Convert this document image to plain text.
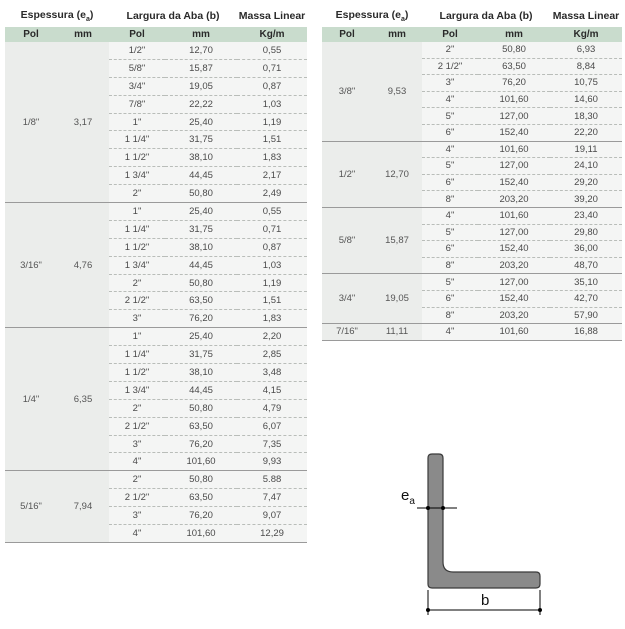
Espessura $(e_a)$		Largura da Aba (b)		Massa Linear
Pol	mm	Pol	mm	Kg/m
1/8"	3,17	1/2"	12,70	0,55
		5/8"	15,87	0,71
		3/4"	19,05	0,87
		7/8"	22,22	1,03
		1"	25,40	1,19
		1 1/4"	31,75	1,51
		1 1/2"	38,10	1,83
		1 3/4"	44,45	2,17
		2"	50,80	2,49
3/16"	4,76	1"	25,40	0,55
		1 1/4"	31,75	0,71
		1 1/2"	38,10	0,87
		1 3/4"	44,45	1,03
		2"	50,80	1,19
		2 1/2"	63,50	1,51
		3"	76,20	1,83
1/4"	6,35	1"	25,40	2,20
		1 1/4"	31,75	2,85
		1 1/2"	38,10	3,48
		1 3/4"	44,45	4,15
		2"	50,80	4,79
		2 1/2"	63,50	6,07
		3"	76,20	7,35
		4"	101,60	9,93
5/16"	7,94	2"	50,80	5.88
		2 1/2"	63,50	7,47
		3"	76,20	9,07
		4"	101,60	12,29
Espessura $(e_a)$		Largura da Aba (b)		Massa Linear
Pol	mm	Pol	mm	Kg/m
3/8"	9,53	2"	50,80	6,93
		2 1/2"	63,50	8,84
		3"	76,20	10,75
		4"	101,60	14,60
		5"	127,00	18,30
		6"	152,40	22,20
1/2"	12,70	4"	101,60	19,11
		5"	127,00	24,10
		6"	152,40	29,20
		8"	203,20	39,20
5/8"	15,87	4"	101,60	23,40
		5"	127,00	29,80
		6"	152,40	36,00
		8"	203,20	48,70
3/4"	19,05	5"	127,00	35,10
		6"	152,40	42,70
		8"	203,20	57,90
7/16"	11,11	4"	101,60	16,88
$e_a$
b
